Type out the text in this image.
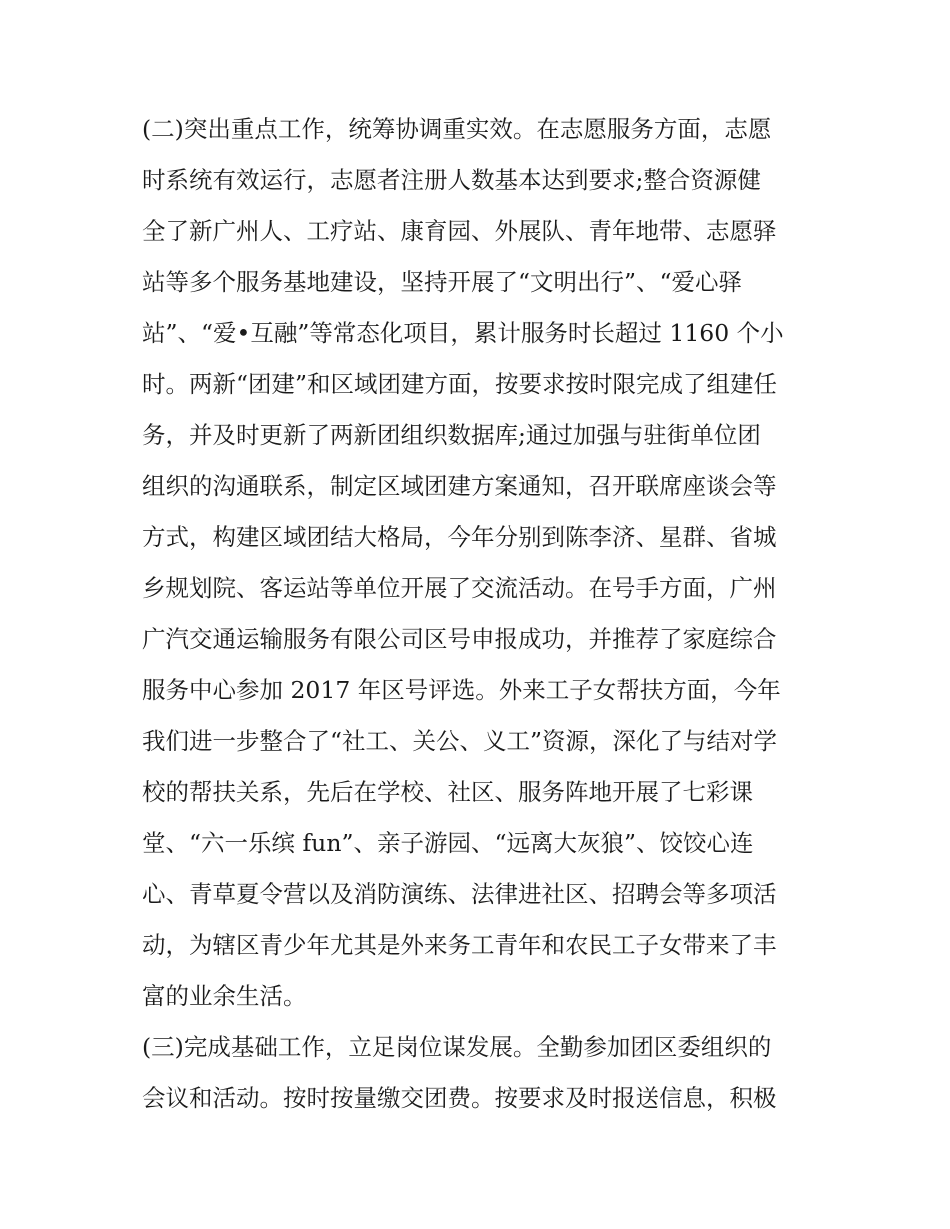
(二)突出重点工作，统筹协调重实效。在志愿服务方面，志愿
时系统有效运行，志愿者注册人数基本达到要求;整合资源健
全了新广州人、工疗站、康育园、外展队、青年地带、志愿驿
站等多个服务基地建设，坚持开展了“文明出行”、“爱心驿
站”、“爱•互融”等常态化项目，累计服务时长超过 1160 个小
时。两新“团建”和区域团建方面，按要求按时限完成了组建任
务，并及时更新了两新团组织数据库;通过加强与驻街单位团
组织的沟通联系，制定区域团建方案通知，召开联席座谈会等
方式，构建区域团结大格局，今年分别到陈李济、星群、省城
乡规划院、客运站等单位开展了交流活动。在号手方面，广州
广汽交通运输服务有限公司区号申报成功，并推荐了家庭综合
服务中心参加 2017 年区号评选。外来工子女帮扶方面，今年
我们进一步整合了“社工、关公、义工”资源，深化了与结对学
校的帮扶关系，先后在学校、社区、服务阵地开展了七彩课
堂、“六一乐缤 fun”、亲子游园、“远离大灰狼”、饺饺心连
心、青草夏令营以及消防演练、法律进社区、招聘会等多项活
动，为辖区青少年尤其是外来务工青年和农民工子女带来了丰
富的业余生活。
(三)完成基础工作，立足岗位谋发展。全勤参加团区委组织的
会议和活动。按时按量缴交团费。按要求及时报送信息，积极
